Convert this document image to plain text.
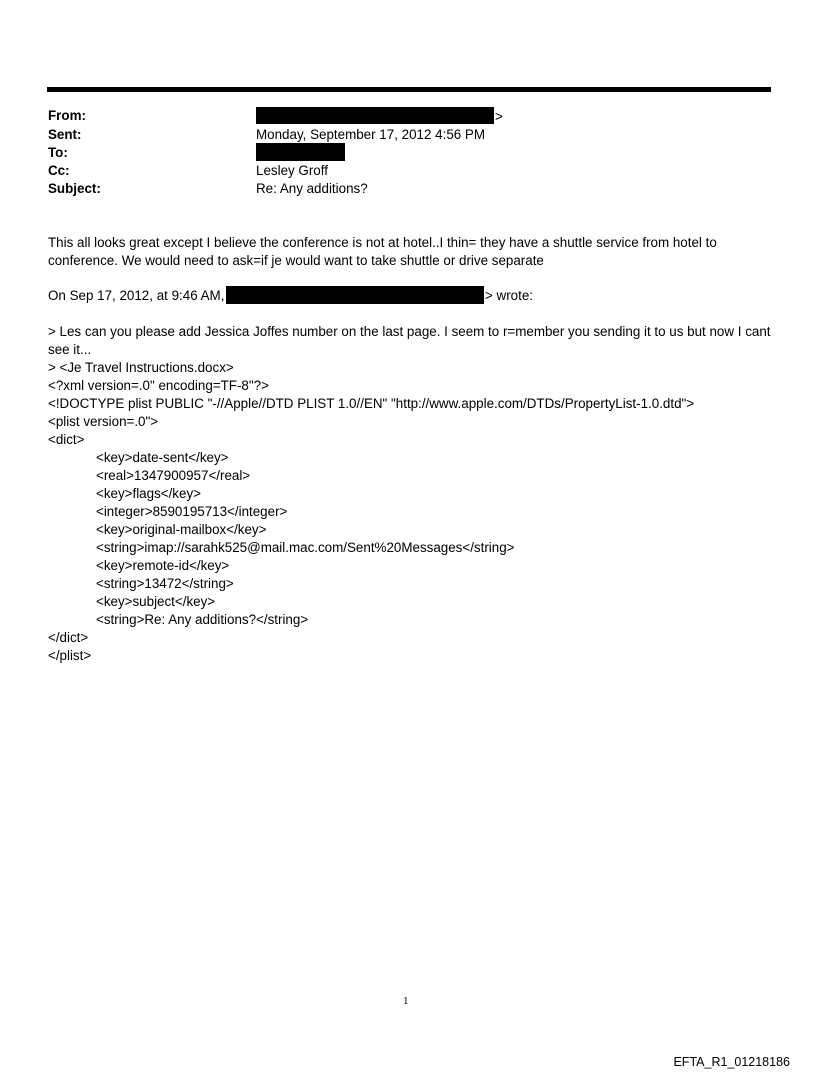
From:	>
Sent:	Monday, September 17, 2012 4:56 PM
To:
Cc:	Lesley Groff
Subject:	Re: Any additions?
This all looks great except I believe the conference is not at hotel..I thin= they have a shuttle service from hotel to conference. We would need to ask=if je would want to take shuttle or drive separate
On Sep 17, 2012, at 9:46 AM,	> wrote:
> Les can you please add Jessica Joffes number on the last page. I seem to r=member you sending it to us but now I cant see it...
> <Je Travel Instructions.docx>
<?xml version=.0" encoding=TF-8"?>
<!DOCTYPE plist PUBLIC "-//Apple//DTD PLIST 1.0//EN" "http://www.apple.com/DTDs/PropertyList-1.0.dtd">
<plist version=.0">
<dict>
<key>date-sent</key>
<real>1347900957</real>
<key>flags</key>
<integer>8590195713</integer>
<key>original-mailbox</key>
<string>imap://sarahk525@mail.mac.com/Sent%20Messages</string>
<key>remote-id</key>
<string>13472</string>
<key>subject</key>
<string>Re: Any additions?</string>
</dict>
</plist>
1
EFTA_R1_01218186
